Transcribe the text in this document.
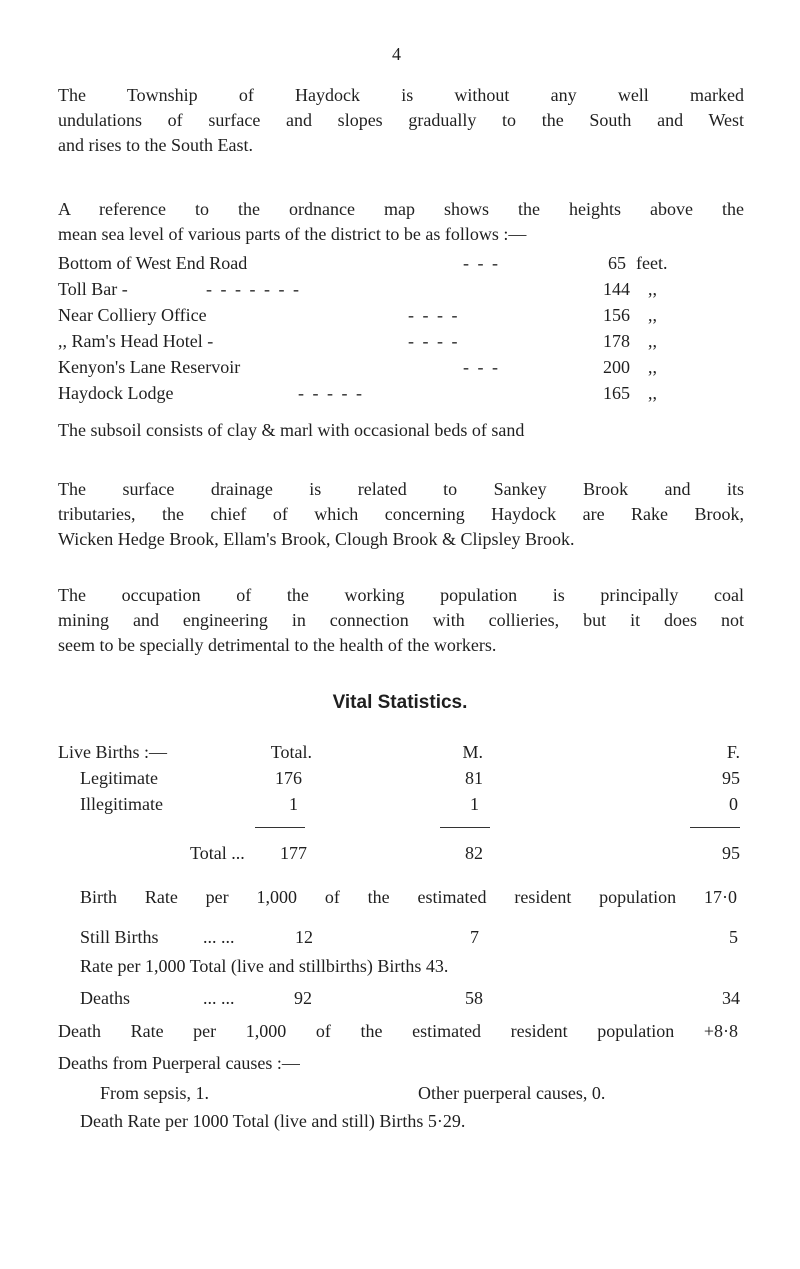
4
The Township of Haydock is without any well marked
undulations of surface and slopes gradually to the South and West
and rises to the South East.
A reference to the ordnance map shows the heights above the
mean sea level of various parts of the district to be as follows :—
Bottom of West End Road	- - -	65 feet.
Toll Bar -	- - - - - - -	144 ,,
Near Colliery Office	- - - -	156 ,,
,, Ram's Head Hotel -	- - - -	178 ,,
Kenyon's Lane Reservoir	- - -	200 ,,
Haydock Lodge	- - - - -	165 ,,
The subsoil consists of clay & marl with occasional beds of sand
The surface drainage is related to Sankey Brook and its
tributaries, the chief of which concerning Haydock are Rake Brook,
Wicken Hedge Brook, Ellam's Brook, Clough Brook & Clipsley Brook.
The occupation of the working population is principally coal
mining and engineering in connection with collieries, but it does not
seem to be specially detrimental to the health of the workers.
Vital Statistics.
Live Births :—	Total.	M.	F.
Legitimate	176	81	95
Illegitimate	1	1	0
Total ...	177	82	95
Birth Rate per 1,000 of the estimated resident population 17·0
Still Births ... ...	12	7	5
Rate per 1,000 Total (live and stillbirths) Births 43.
Deaths	... ...	92	58	34
Death Rate per 1,000 of the estimated resident population +8·8
Deaths from Puerperal causes :—
From sepsis, 1.	Other puerperal causes, 0.
Death Rate per 1000 Total (live and still) Births 5·29.
